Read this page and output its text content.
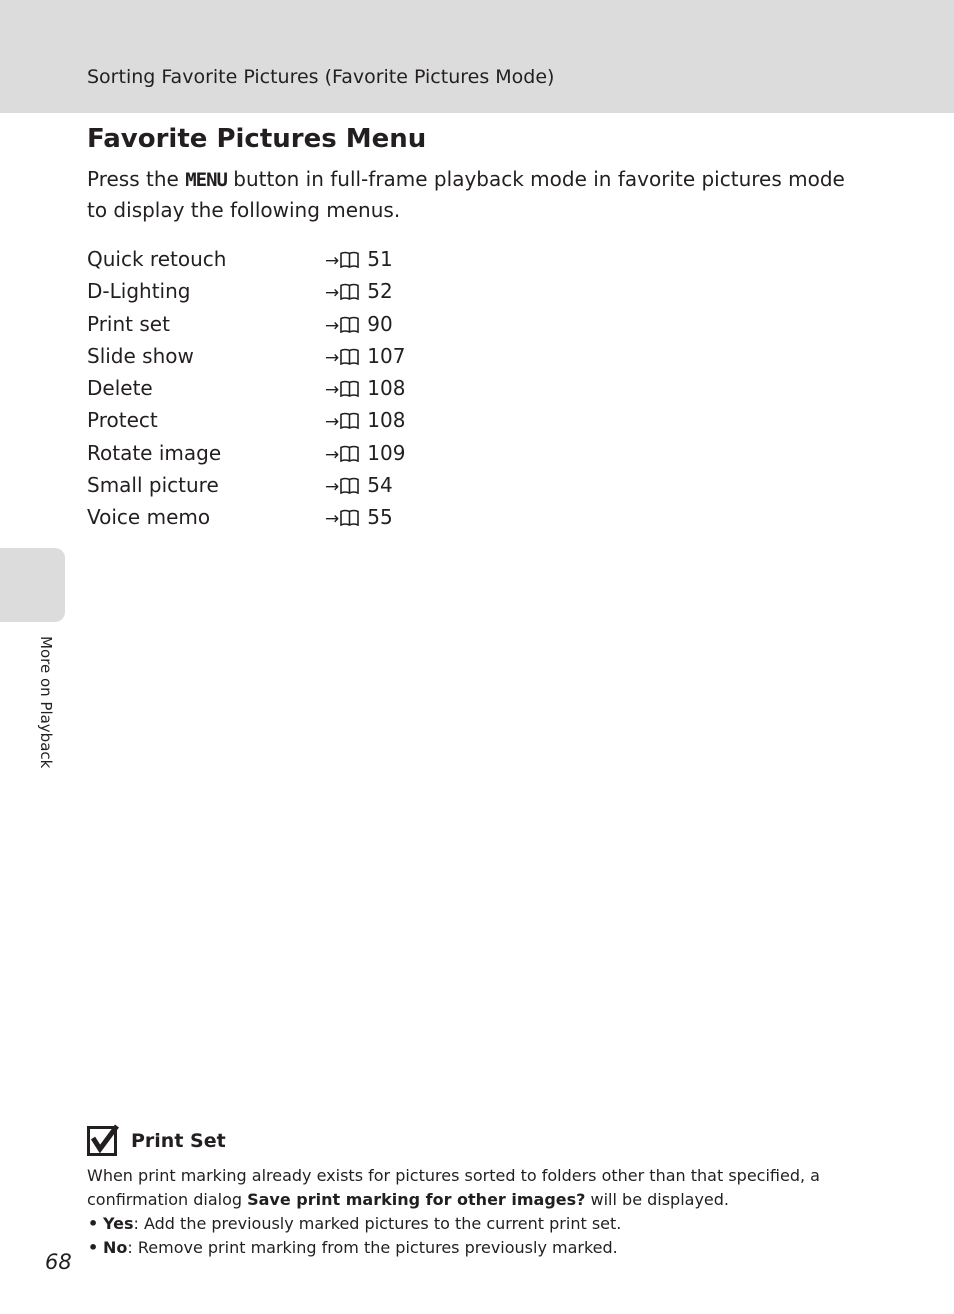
Sorting Favorite Pictures (Favorite Pictures Mode)
More on Playback
Favorite Pictures Menu

Press the MENU button in full-frame playback mode in favorite pictures mode to display the following menus.

Quick retouch	→ 51
D-Lighting	→ 52
Print set	→ 90
Slide show	→ 107
Delete	→ 108
Protect	→ 108
Rotate image	→ 109
Small picture	→ 54
Voice memo	→ 55
Print Set

When print marking already exists for pictures sorted to folders other than that specified, a confirmation dialog Save print marking for other images? will be displayed.

• Yes: Add the previously marked pictures to the current print set.

• No: Remove print marking from the pictures previously marked.

68
